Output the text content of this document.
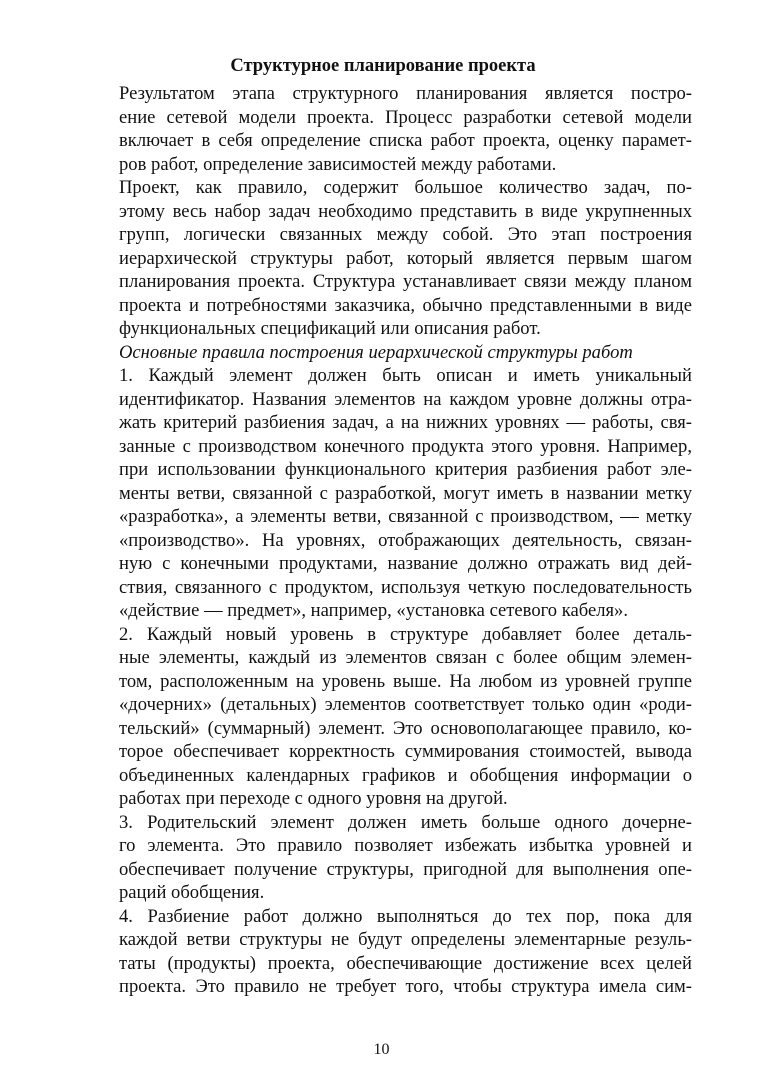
Структурное планирование проекта
Результатом этапа структурного планирования является постро-
ение сетевой модели проекта. Процесс разработки сетевой модели
включает в себя определение списка работ проекта, оценку парамет-
ров работ, определение зависимостей между работами.
Проект, как правило, содержит большое количество задач, по-
этому весь набор задач необходимо представить в виде укрупненных
групп, логически связанных между собой. Это этап построения
иерархической структуры работ, который является первым шагом
планирования проекта. Структура устанавливает связи между планом
проекта и потребностями заказчика, обычно представленными в виде
функциональных спецификаций или описания работ.

Основные правила построения иерархической структуры работ

1. Каждый элемент должен быть описан и иметь уникальный
идентификатор. Названия элементов на каждом уровне должны отра-
жать критерий разбиения задач, а на нижних уровнях — работы, свя-
занные с производством конечного продукта этого уровня. Например,
при использовании функционального критерия разбиения работ эле-
менты ветви, связанной с разработкой, могут иметь в названии метку
«разработка», а элементы ветви, связанной с производством, — метку
«производство». На уровнях, отображающих деятельность, связан-
ную с конечными продуктами, название должно отражать вид дей-
ствия, связанного с продуктом, используя четкую последовательность
«действие — предмет», например, «установка сетевого кабеля».
2. Каждый новый уровень в структуре добавляет более деталь-
ные элементы, каждый из элементов связан с более общим элемен-
том, расположенным на уровень выше. На любом из уровней группе
«дочерних» (детальных) элементов соответствует только один «роди-
тельский» (суммарный) элемент. Это основополагающее правило, ко-
торое обеспечивает корректность суммирования стоимостей, вывода
объединенных календарных графиков и обобщения информации о
работах при переходе с одного уровня на другой.
3. Родительский элемент должен иметь больше одного дочерне-
го элемента. Это правило позволяет избежать избытка уровней и
обеспечивает получение структуры, пригодной для выполнения опе-
раций обобщения.
4. Разбиение работ должно выполняться до тех пор, пока для
каждой ветви структуры не будут определены элементарные резуль-
таты (продукты) проекта, обеспечивающие достижение всех целей
проекта. Это правило не требует того, чтобы структура имела сим-
10
